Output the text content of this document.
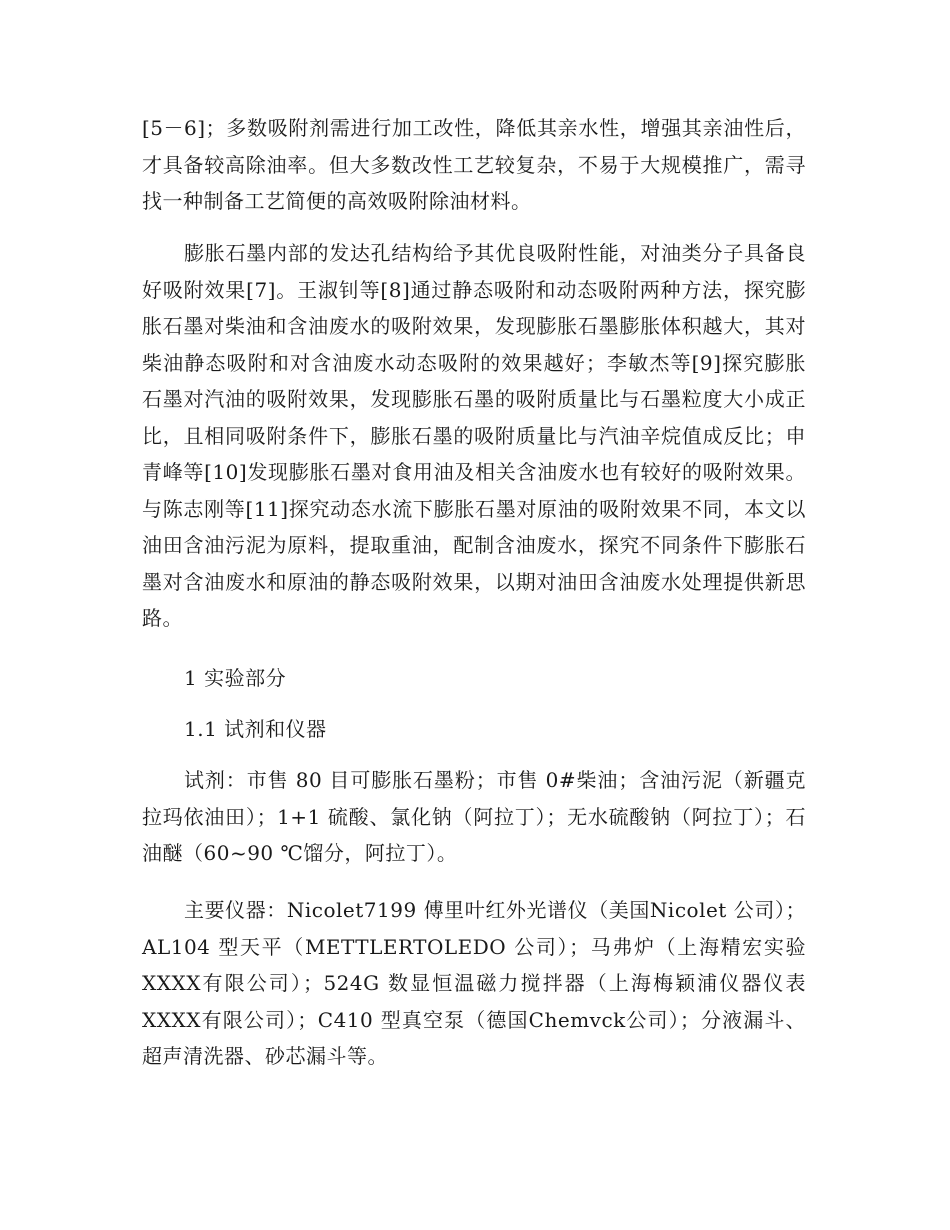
[5－6]；多数吸附剂需进行加工改性，降低其亲水性，增强其亲油性后，才具备较高除油率。但大多数改性工艺较复杂，不易于大规模推广，需寻找一种制备工艺简便的高效吸附除油材料。

膨胀石墨内部的发达孔结构给予其优良吸附性能，对油类分子具备良好吸附效果[7]。王淑钊等[8]通过静态吸附和动态吸附两种方法，探究膨胀石墨对柴油和含油废水的吸附效果，发现膨胀石墨膨胀体积越大，其对柴油静态吸附和对含油废水动态吸附的效果越好；李敏杰等[9]探究膨胀石墨对汽油的吸附效果，发现膨胀石墨的吸附质量比与石墨粒度大小成正比，且相同吸附条件下，膨胀石墨的吸附质量比与汽油辛烷值成反比；申青峰等[10]发现膨胀石墨对食用油及相关含油废水也有较好的吸附效果。与陈志刚等[11]探究动态水流下膨胀石墨对原油的吸附效果不同，本文以油田含油污泥为原料，提取重油，配制含油废水，探究不同条件下膨胀石墨对含油废水和原油的静态吸附效果，以期对油田含油废水处理提供新思路。

1 实验部分

1.1 试剂和仪器

试剂：市售 80 目可膨胀石墨粉；市售 0#柴油；含油污泥（新疆克拉玛依油田）；1+1 硫酸、氯化钠（阿拉丁）；无水硫酸钠（阿拉丁）；石油醚（60~90 ℃馏分，阿拉丁）。

主要仪器：Nicolet7199 傅里叶红外光谱仪（美国Nicolet 公司）；AL104 型天平（METTLERTOLEDO 公司）；马弗炉（上海精宏实验XXXX有限公司）；524G 数显恒温磁力搅拌器（上海梅颖浦仪器仪表XXXX有限公司）；C410 型真空泵（德国Chemvck公司）；分液漏斗、超声清洗器、砂芯漏斗等。
